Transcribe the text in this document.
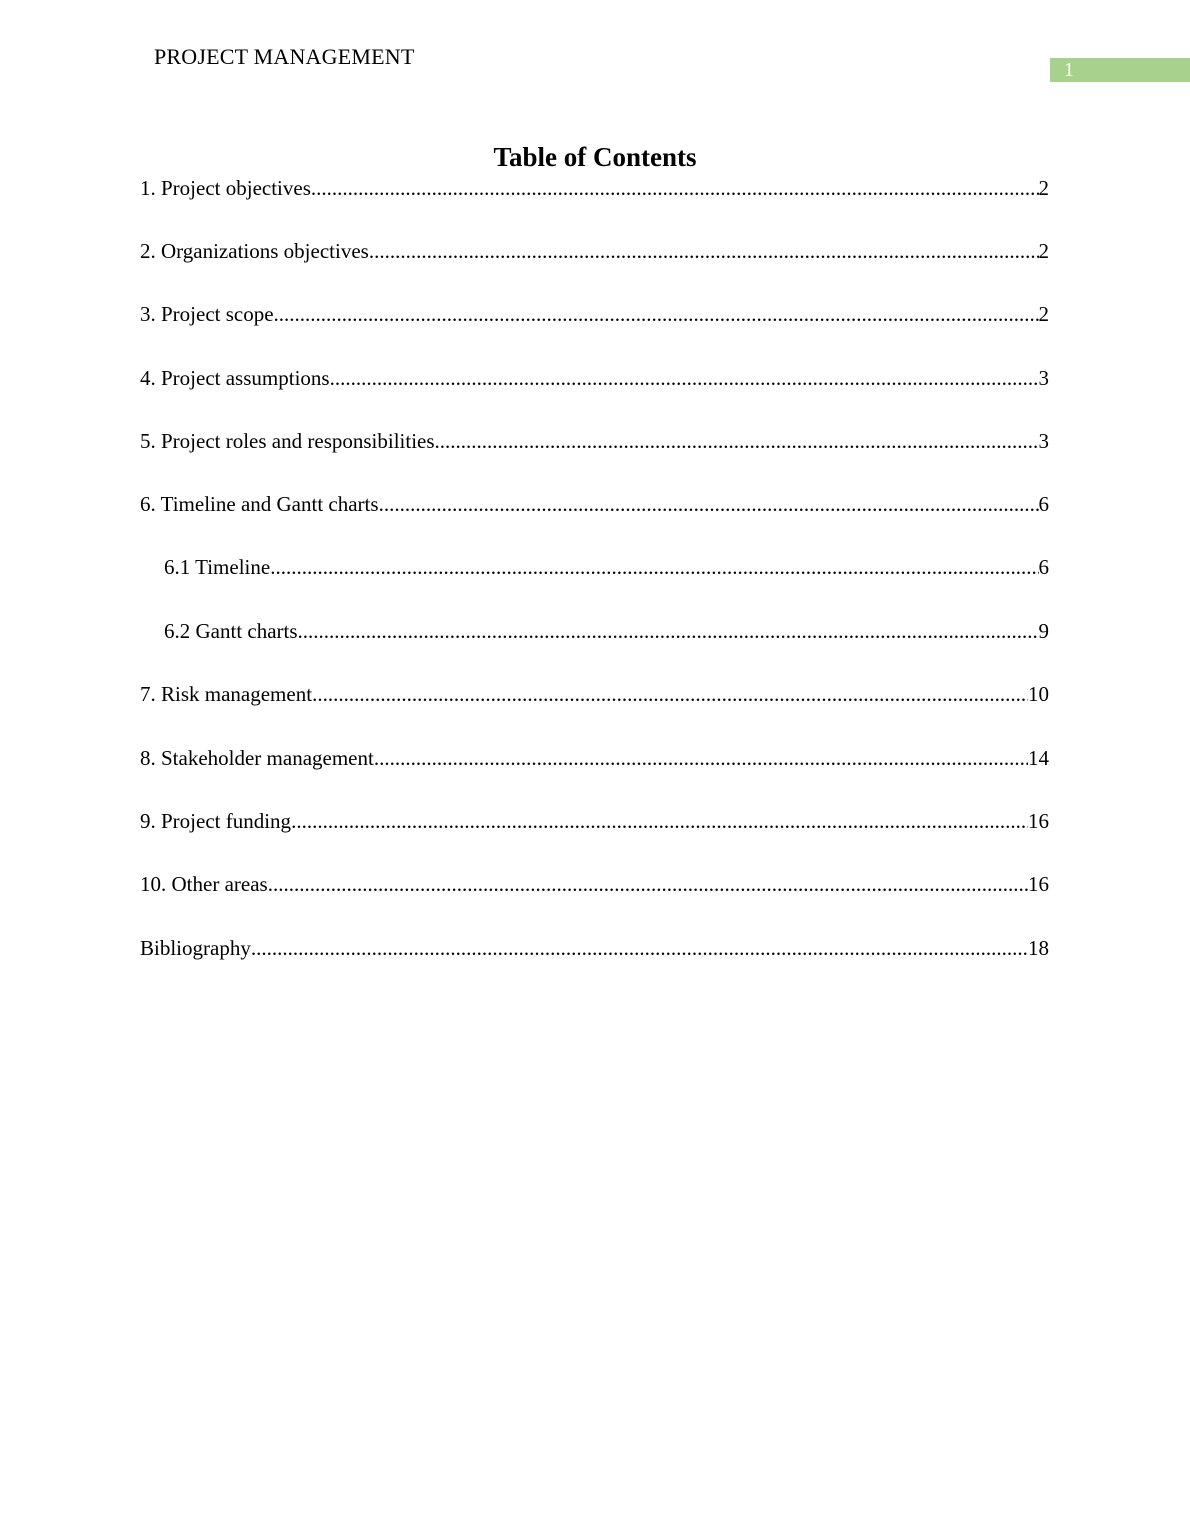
PROJECT MANAGEMENT
1
Table of Contents
1. Project objectives .....	2
2. Organizations objectives .....	2
3. Project scope .....	2
4. Project assumptions .....	3
5. Project roles and responsibilities .....	3
6. Timeline and Gantt charts .....	6
6.1 Timeline .....	6
6.2 Gantt charts .....	9
7. Risk management .....	10
8. Stakeholder management .....	14
9. Project funding .....	16
10. Other areas .....	16
Bibliography .....	18
